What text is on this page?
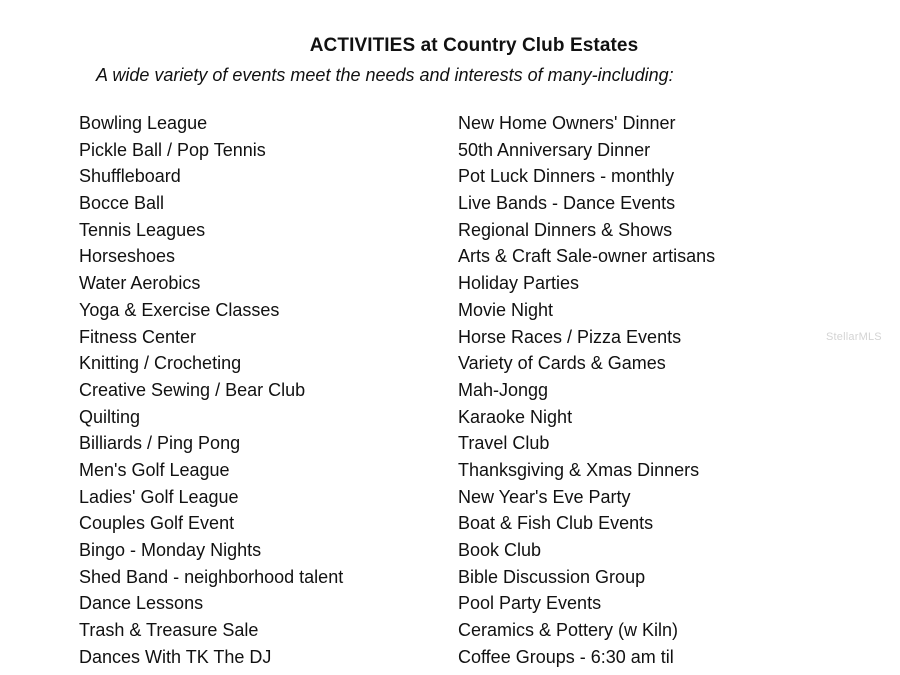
ACTIVITIES at Country Club Estates
A wide variety of events meet the needs and interests of many-including:
Bowling League
Pickle Ball / Pop Tennis
Shuffleboard
Bocce Ball
Tennis Leagues
Horseshoes
Water Aerobics
Yoga & Exercise Classes
Fitness Center
Knitting / Crocheting
Creative Sewing / Bear Club
Quilting
Billiards / Ping Pong
Men's Golf League
Ladies' Golf League
Couples Golf Event
Bingo - Monday Nights
Shed Band - neighborhood talent
Dance Lessons
Trash & Treasure Sale
Dances With TK The DJ
New Home Owners' Dinner
50th Anniversary Dinner
Pot Luck Dinners - monthly
Live Bands - Dance Events
Regional Dinners & Shows
Arts & Craft Sale-owner artisans
Holiday Parties
Movie Night
Horse Races / Pizza Events
Variety of Cards & Games
Mah-Jongg
Karaoke Night
Travel Club
Thanksgiving & Xmas Dinners
New Year's Eve Party
Boat & Fish Club Events
Book Club
Bible Discussion Group
Pool Party Events
Ceramics & Pottery (w Kiln)
Coffee Groups - 6:30 am til
StellarMLS
